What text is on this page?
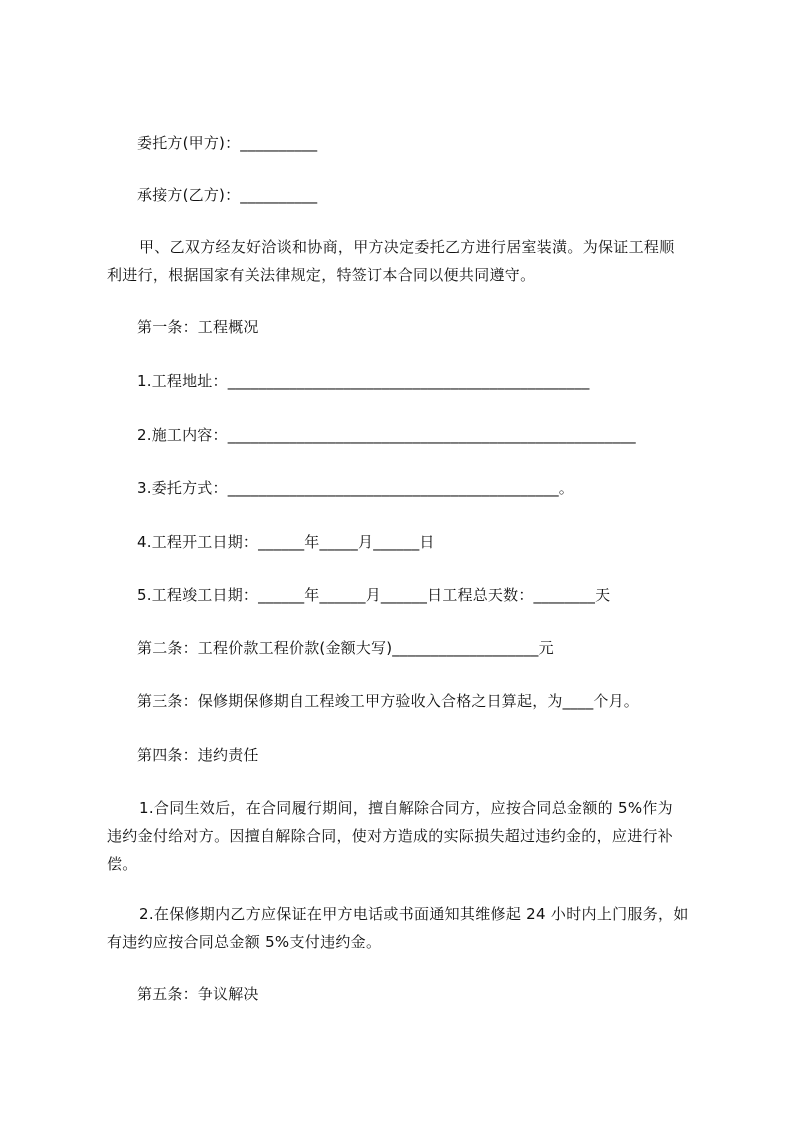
委托方(甲方)：__________
承接方(乙方)：__________
甲、乙双方经友好洽谈和协商，甲方决定委托乙方进行居室装潢。为保证工程顺
利进行，根据国家有关法律规定，特签订本合同以便共同遵守。
第一条：工程概况
1.工程地址：_______________________________________________
2.施工内容：_____________________________________________________
3.委托方式：___________________________________________。
4.工程开工日期：______年_____月______日
5.工程竣工日期：______年______月______日工程总天数：________天
第二条：工程价款工程价款(金额大写)___________________元
第三条：保修期保修期自工程竣工甲方验收入合格之日算起，为____个月。
第四条：违约责任
1.合同生效后，在合同履行期间，擅自解除合同方，应按合同总金额的 5%作为
违约金付给对方。因擅自解除合同，使对方造成的实际损失超过违约金的，应进行补
偿。
2.在保修期内乙方应保证在甲方电话或书面通知其维修起 24 小时内上门服务，如
有违约应按合同总金额 5%支付违约金。
第五条：争议解决
